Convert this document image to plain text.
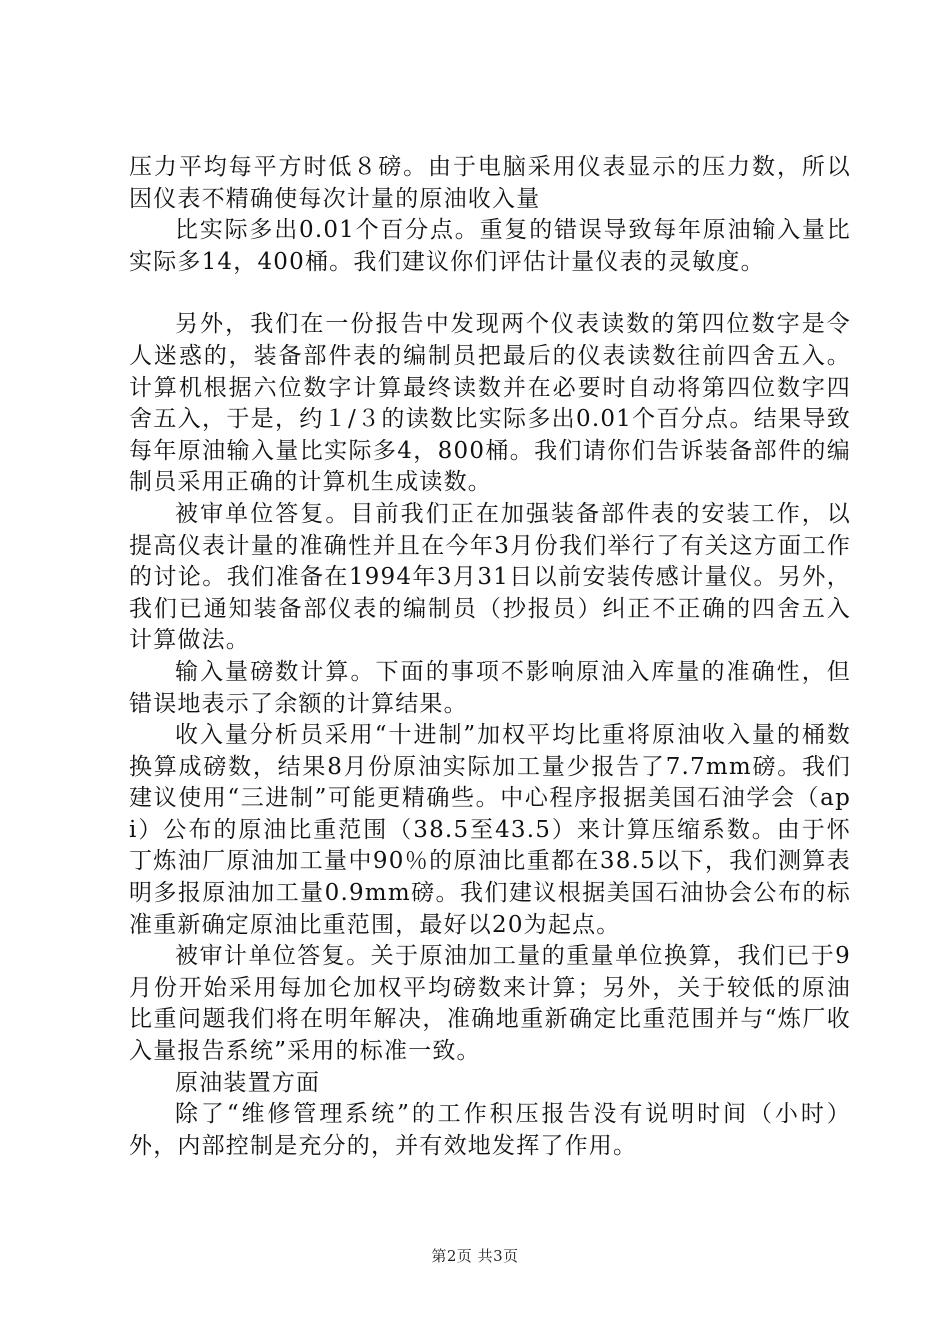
压力平均每平方时低８磅。由于电脑采用仪表显示的压力数，所以因仪表不精确使每次计量的原油收入量

比实际多出0.01个百分点。重复的错误导致每年原油输入量比实际多14，400桶。我们建议你们评估计量仪表的灵敏度。

另外，我们在一份报告中发现两个仪表读数的第四位数字是令人迷惑的，装备部件表的编制员把最后的仪表读数往前四舍五入。计算机根据六位数字计算最终读数并在必要时自动将第四位数字四舍五入，于是，约１/３的读数比实际多出0.01个百分点。结果导致每年原油输入量比实际多4，800桶。我们请你们告诉装备部件的编制员采用正确的计算机生成读数。

被审单位答复。目前我们正在加强装备部件表的安装工作，以提高仪表计量的准确性并且在今年3月份我们举行了有关这方面工作的讨论。我们准备在1994年3月31日以前安装传感计量仪。另外，我们已通知装备部仪表的编制员（抄报员）纠正不正确的四舍五入计算做法。

输入量磅数计算。下面的事项不影响原油入库量的准确性，但错误地表示了余额的计算结果。

收入量分析员采用“十进制”加权平均比重将原油收入量的桶数换算成磅数，结果8月份原油实际加工量少报告了7.7mm磅。我们建议使用“三进制”可能更精确些。中心程序报据美国石油学会（api）公布的原油比重范围（38.5至43.5）来计算压缩系数。由于怀丁炼油厂原油加工量中90％的原油比重都在38.5以下，我们测算表明多报原油加工量0.9mm磅。我们建议根据美国石油协会公布的标准重新确定原油比重范围，最好以20为起点。

被审计单位答复。关于原油加工量的重量单位换算，我们已于9月份开始采用每加仑加权平均磅数来计算；另外，关于较低的原油比重问题我们将在明年解决，准确地重新确定比重范围并与“炼厂收入量报告系统”采用的标准一致。

原油装置方面

除了“维修管理系统”的工作积压报告没有说明时间（小时）外，内部控制是充分的，并有效地发挥了作用。

第2页 共3页
